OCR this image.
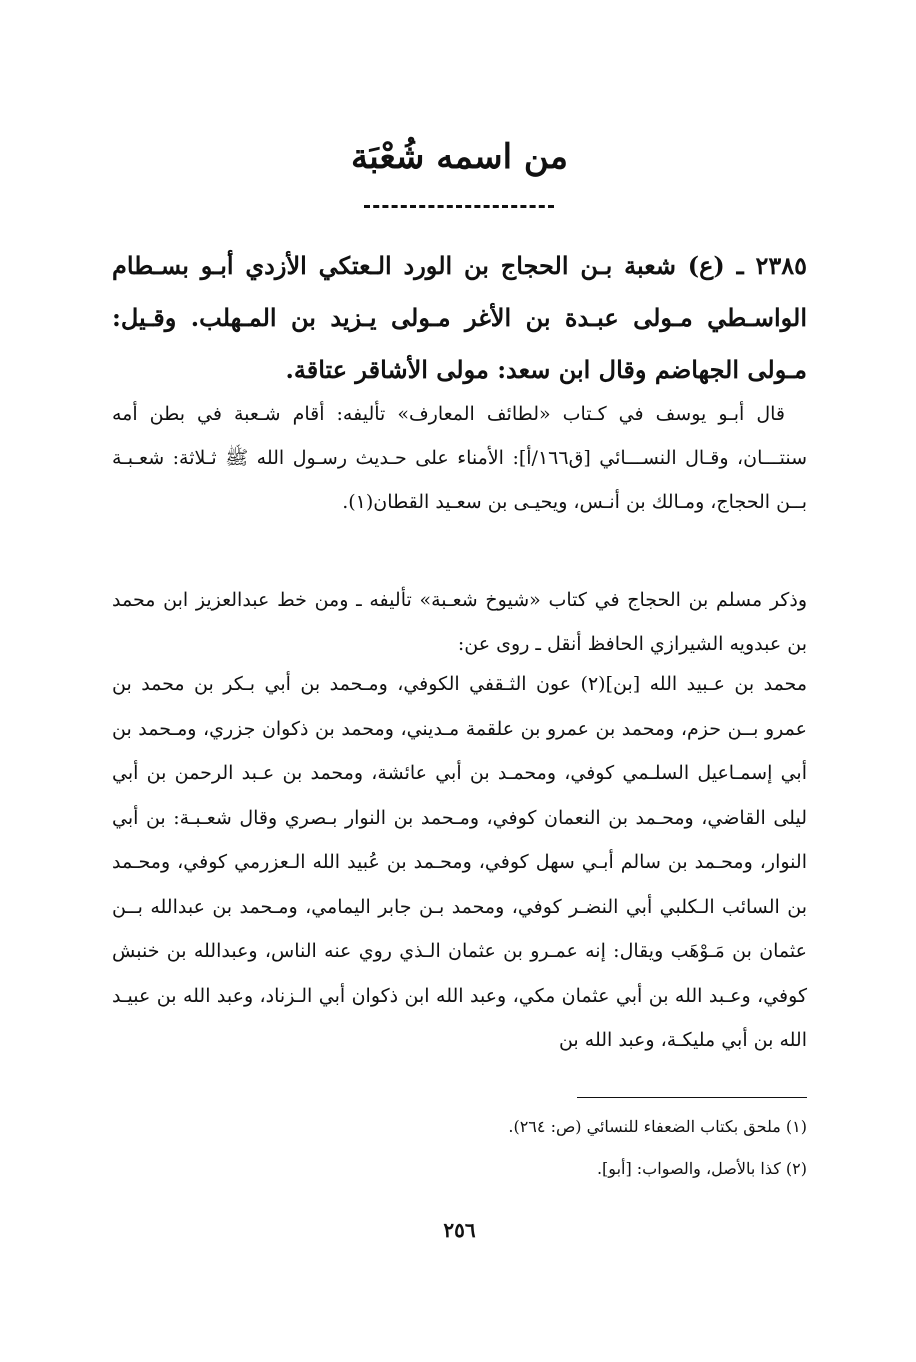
من اسمه شُعْبَة

٢٣٨٥ ـ (ع) شعبة بـن الحجاج بن الورد الـعتكي الأزدي أبـو بسـطام الواسـطي مـولى عبـدة بن الأغر مـولى يـزيد بن المـهلب. وقـيل: مـولى الجهاضم وقال ابن سعد: مولى الأشاقر عتاقة.

قال أبـو يوسف في كـتاب «لطائف المعارف» تأليفه: أقام شـعبة في بطن أمه سنتـــان، وقـال النســـائي [ق١٦٦/أ]: الأمناء على حـديث رسـول الله ﷺ ثـلاثة: شعـبـة بــن الحجاج، ومـالك بن أنـس، ويحيـى بن سعـيد القطان(١).

وذكر مسلم بن الحجاج في كتاب «شيوخ شعـبة» تأليفه ـ ومن خط عبدالعزيز ابن محمد بن عبدويه الشيرازي الحافظ أنقل ـ روى عن:

محمد بن عـبيد الله [بن](٢) عون الثـقفي الكوفي، ومـحمد بن أبي بـكر بن محمد بن عمرو بــن حزم، ومحمد بن عمرو بن علقمة مـديني، ومحمد بن ذكوان جزري، ومـحمد بن أبي إسمـاعيل السلـمي كوفي، ومحمـد بن أبي عائشة، ومحمد بن عـبد الرحمن بن أبي ليلى القاضي، ومحـمد بن النعمان كوفي، ومـحمد بن النوار بـصري وقال شعـبـة: بن أبي النوار، ومحـمد بن سالم أبـي سهل كوفي، ومحـمد بن عُبيد الله الـعزرمي كوفي، ومحـمد بن السائب الـكلبي أبي النضـر كوفي، ومحمد بـن جابر اليمامي، ومـحمد بن عبدالله بــن عثمان بن مَـوْهَب ويقال: إنه عمـرو بن عثمان الـذي روي عنه الناس، وعبدالله بن خنبش كوفي، وعـبد الله بن أبي عثمان مكي، وعبد الله ابن ذكوان أبي الـزناد، وعبد الله بن عبيـد الله بن أبي مليكـة، وعبد الله بن

(١) ملحق بكتاب الضعفاء للنسائي (ص: ٢٦٤).
(٢) كذا بالأصل، والصواب: [أبو].
٢٥٦
